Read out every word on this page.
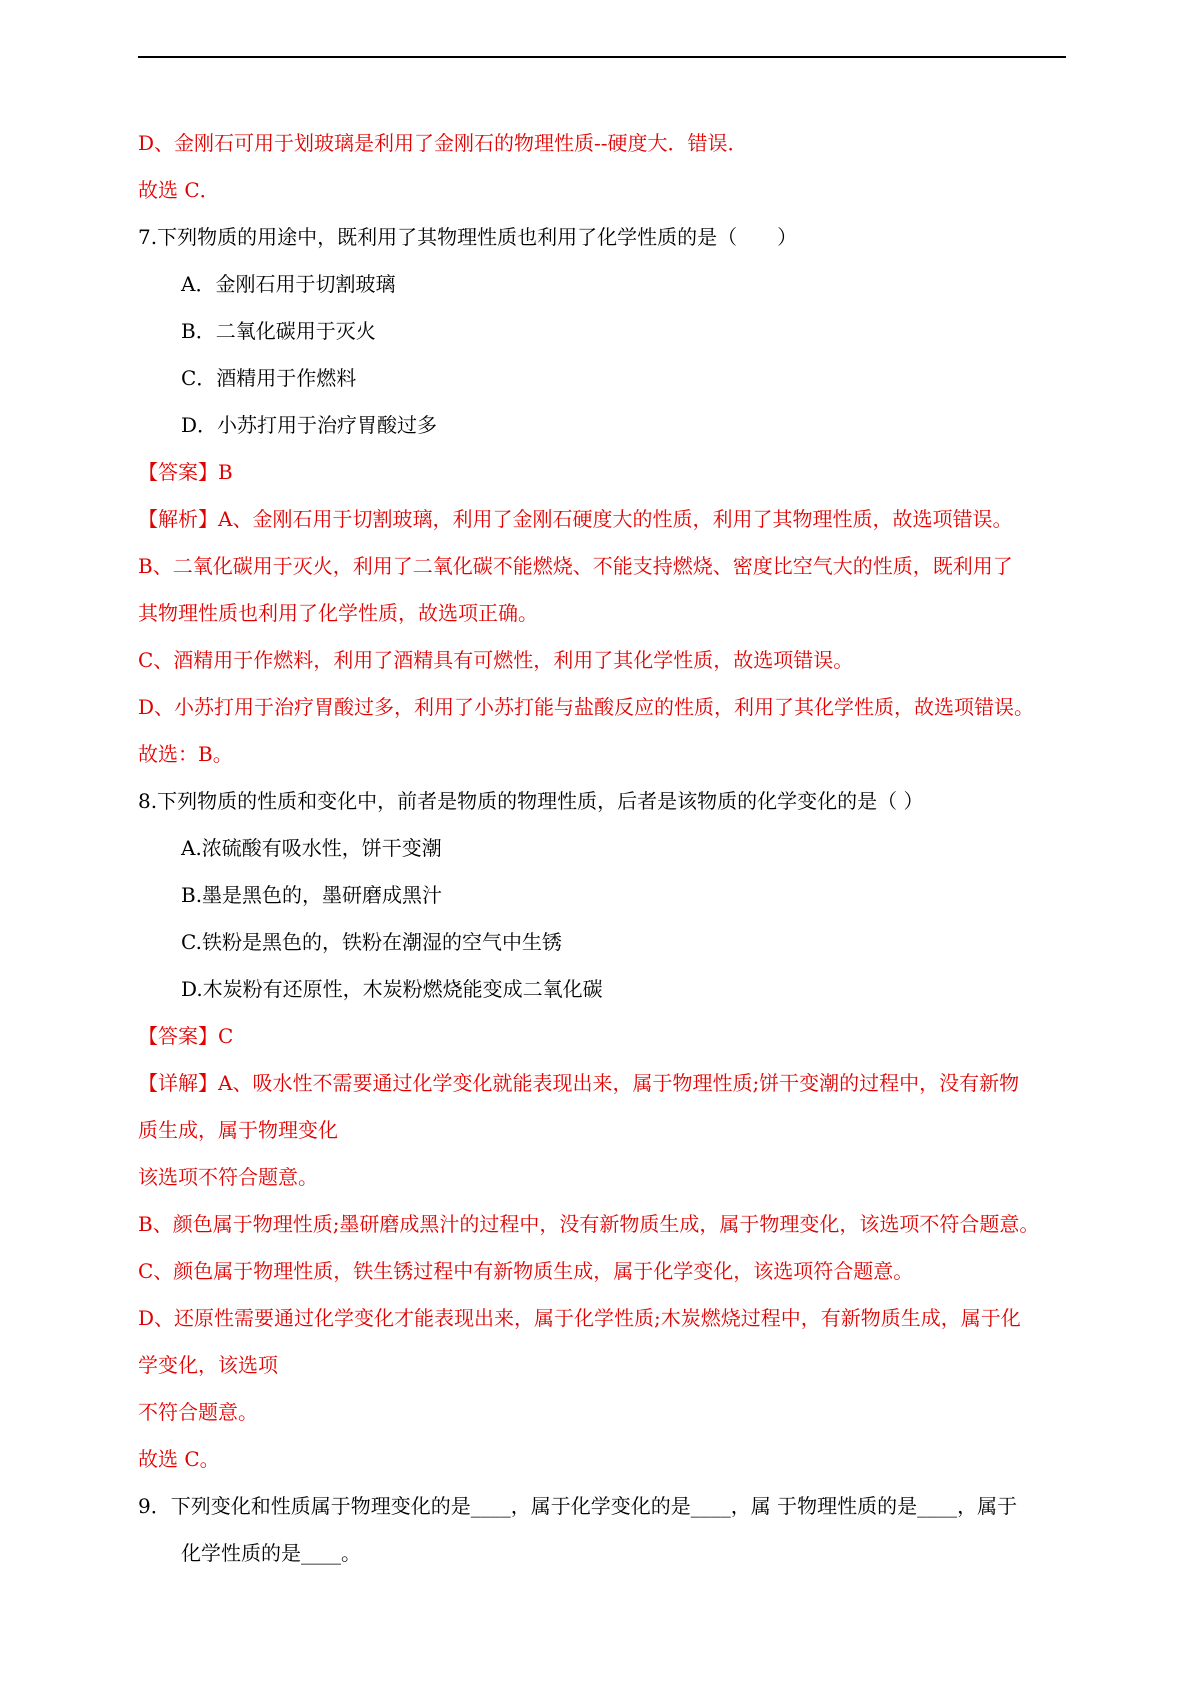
D、金刚石可用于划玻璃是利用了金刚石的物理性质--硬度大．错误．
故选 C．
7.下列物质的用途中，既利用了其物理性质也利用了化学性质的是（　　）
A．金刚石用于切割玻璃
B．二氧化碳用于灭火
C．酒精用于作燃料
D．小苏打用于治疗胃酸过多
【答案】B
【解析】A、金刚石用于切割玻璃，利用了金刚石硬度大的性质，利用了其物理性质，故选项错误。
B、二氧化碳用于灭火，利用了二氧化碳不能燃烧、不能支持燃烧、密度比空气大的性质，既利用了
其物理性质也利用了化学性质，故选项正确。
C、酒精用于作燃料，利用了酒精具有可燃性，利用了其化学性质，故选项错误。
D、小苏打用于治疗胃酸过多，利用了小苏打能与盐酸反应的性质，利用了其化学性质，故选项错误。
故选：B。
8.下列物质的性质和变化中，前者是物质的物理性质，后者是该物质的化学变化的是（ ）
A.浓硫酸有吸水性，饼干变潮
B.墨是黑色的，墨研磨成黑汁
C.铁粉是黑色的，铁粉在潮湿的空气中生锈
D.木炭粉有还原性，木炭粉燃烧能变成二氧化碳
【答案】C
【详解】A、吸水性不需要通过化学变化就能表现出来，属于物理性质;饼干变潮的过程中，没有新物
质生成，属于物理变化
该选项不符合题意。
B、颜色属于物理性质;墨研磨成黑汁的过程中，没有新物质生成，属于物理变化，该选项不符合题意。
C、颜色属于物理性质，铁生锈过程中有新物质生成，属于化学变化，该选项符合题意。
D、还原性需要通过化学变化才能表现出来，属于化学性质;木炭燃烧过程中，有新物质生成，属于化
学变化，该选项
不符合题意。
故选 C。
9．下列变化和性质属于物理变化的是____，属于化学变化的是____，属 于物理性质的是____，属于
化学性质的是____。
